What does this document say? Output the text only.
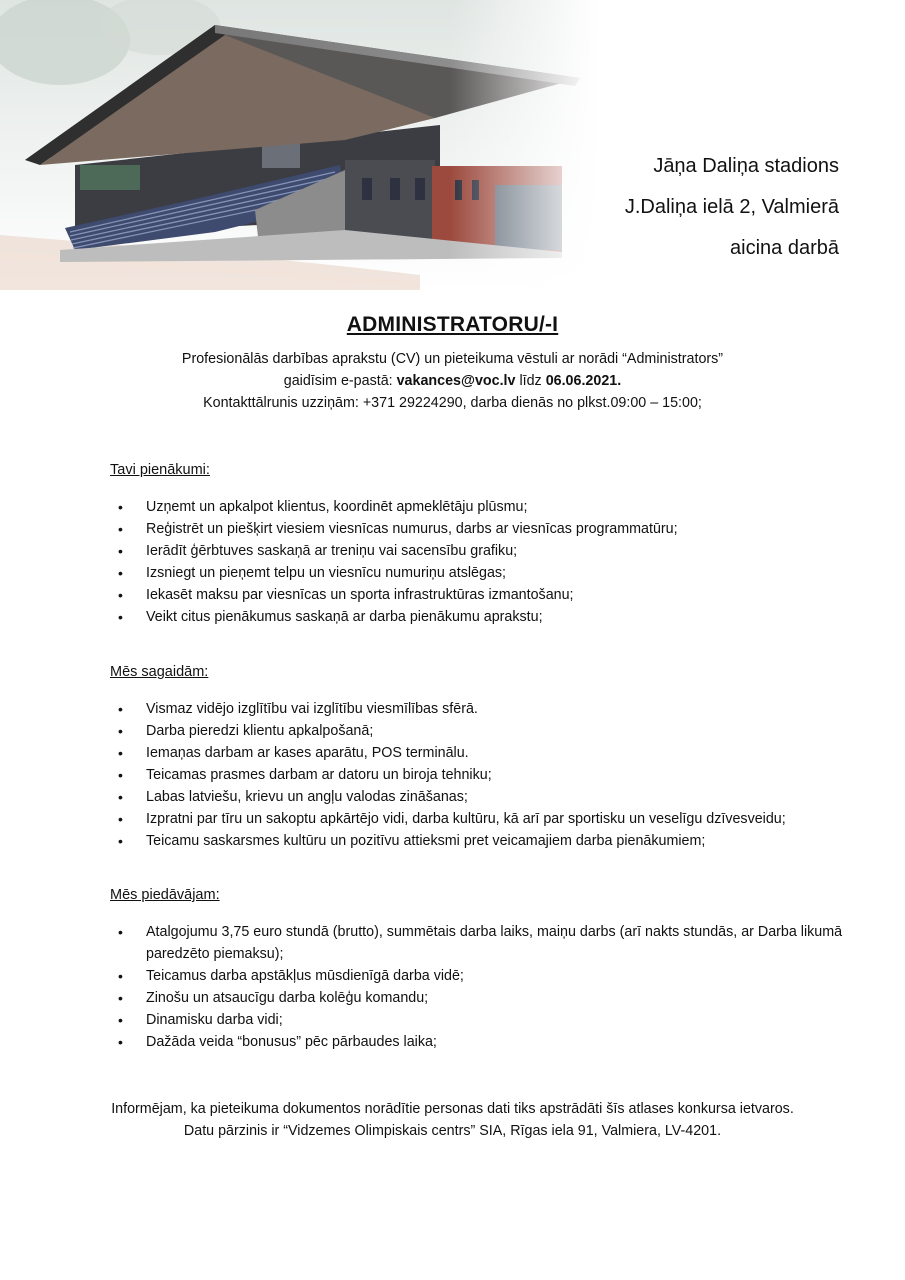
Jāņa Daliņa stadions
J.Daliņa ielā 2, Valmierā
aicina darbā
ADMINISTRATORU/-I
Profesionālās darbības aprakstu (CV) un pieteikuma vēstuli ar norādi “Administrators”
gaidīsim e-pastā: vakances@voc.lv līdz 06.06.2021.
Kontakttālrunis uzziņām: +371 29224290, darba dienās no plkst.09:00 – 15:00;
Tavi pienākumi:
• Uzņemt un apkalpot klientus, koordinēt apmeklētāju plūsmu;
• Reģistrēt un piešķirt viesiem viesnīcas numurus, darbs ar viesnīcas programmatūru;
• Ierādīt ģērbtuves saskaņā ar treniņu vai sacensību grafiku;
• Izsniegt un pieņemt telpu un viesnīcu numuriņu atslēgas;
• Iekasēt maksu par viesnīcas un sporta infrastruktūras izmantošanu;
• Veikt citus pienākumus saskaņā ar darba pienākumu aprakstu;
Mēs sagaidām:
• Vismaz vidējo izglītību vai izglītību viesmīlības sfērā.
• Darba pieredzi klientu apkalpošanā;
• Iemaņas darbam ar kases aparātu, POS terminālu.
• Teicamas prasmes darbam ar datoru un biroja tehniku;
• Labas latviešu, krievu un angļu valodas zināšanas;
• Izpratni par tīru un sakoptu apkārtējo vidi, darba kultūru, kā arī par sportisku un veselīgu dzīvesveidu;
• Teicamu saskarsmes kultūru un pozitīvu attieksmi pret veicamajiem darba pienākumiem;
Mēs piedāvājam:
• Atalgojumu 3,75 euro stundā (brutto), summētais darba laiks, maiņu darbs (arī nakts stundās, ar Darba likumā paredzēto piemaksu);
• Teicamus darba apstākļus mūsdienīgā darba vidē;
• Zinošu un atsaucīgu darba kolēģu komandu;
• Dinamisku darba vidi;
• Dažāda veida “bonusus” pēc pārbaudes laika;
Informējam, ka pieteikuma dokumentos norādītie personas dati tiks apstrādāti šīs atlases konkursa ietvaros.
Datu pārzinis ir “Vidzemes Olimpiskais centrs” SIA, Rīgas iela 91, Valmiera, LV-4201.
